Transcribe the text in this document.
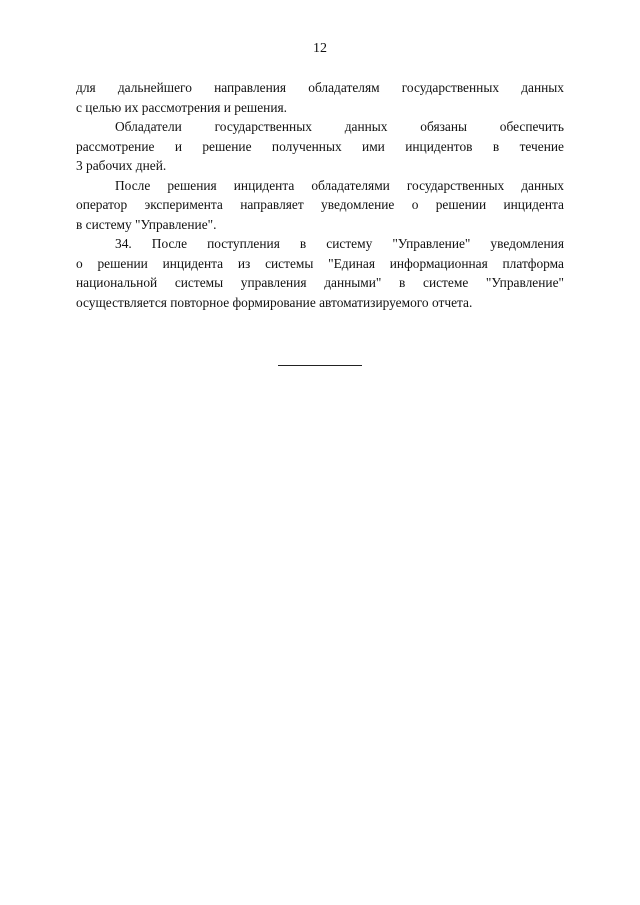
12

для дальнейшего направления обладателям государственных данных
с целью их рассмотрения и решения.

Обладатели государственных данных обязаны обеспечить
рассмотрение и решение полученных ими инцидентов в течение
3 рабочих дней.

После решения инцидента обладателями государственных данных
оператор эксперимента направляет уведомление о решении инцидента
в систему "Управление".

34. После поступления в систему "Управление" уведомления
о решении инцидента из системы "Единая информационная платформа
национальной системы управления данными" в системе "Управление"
осуществляется повторное формирование автоматизируемого отчета.
